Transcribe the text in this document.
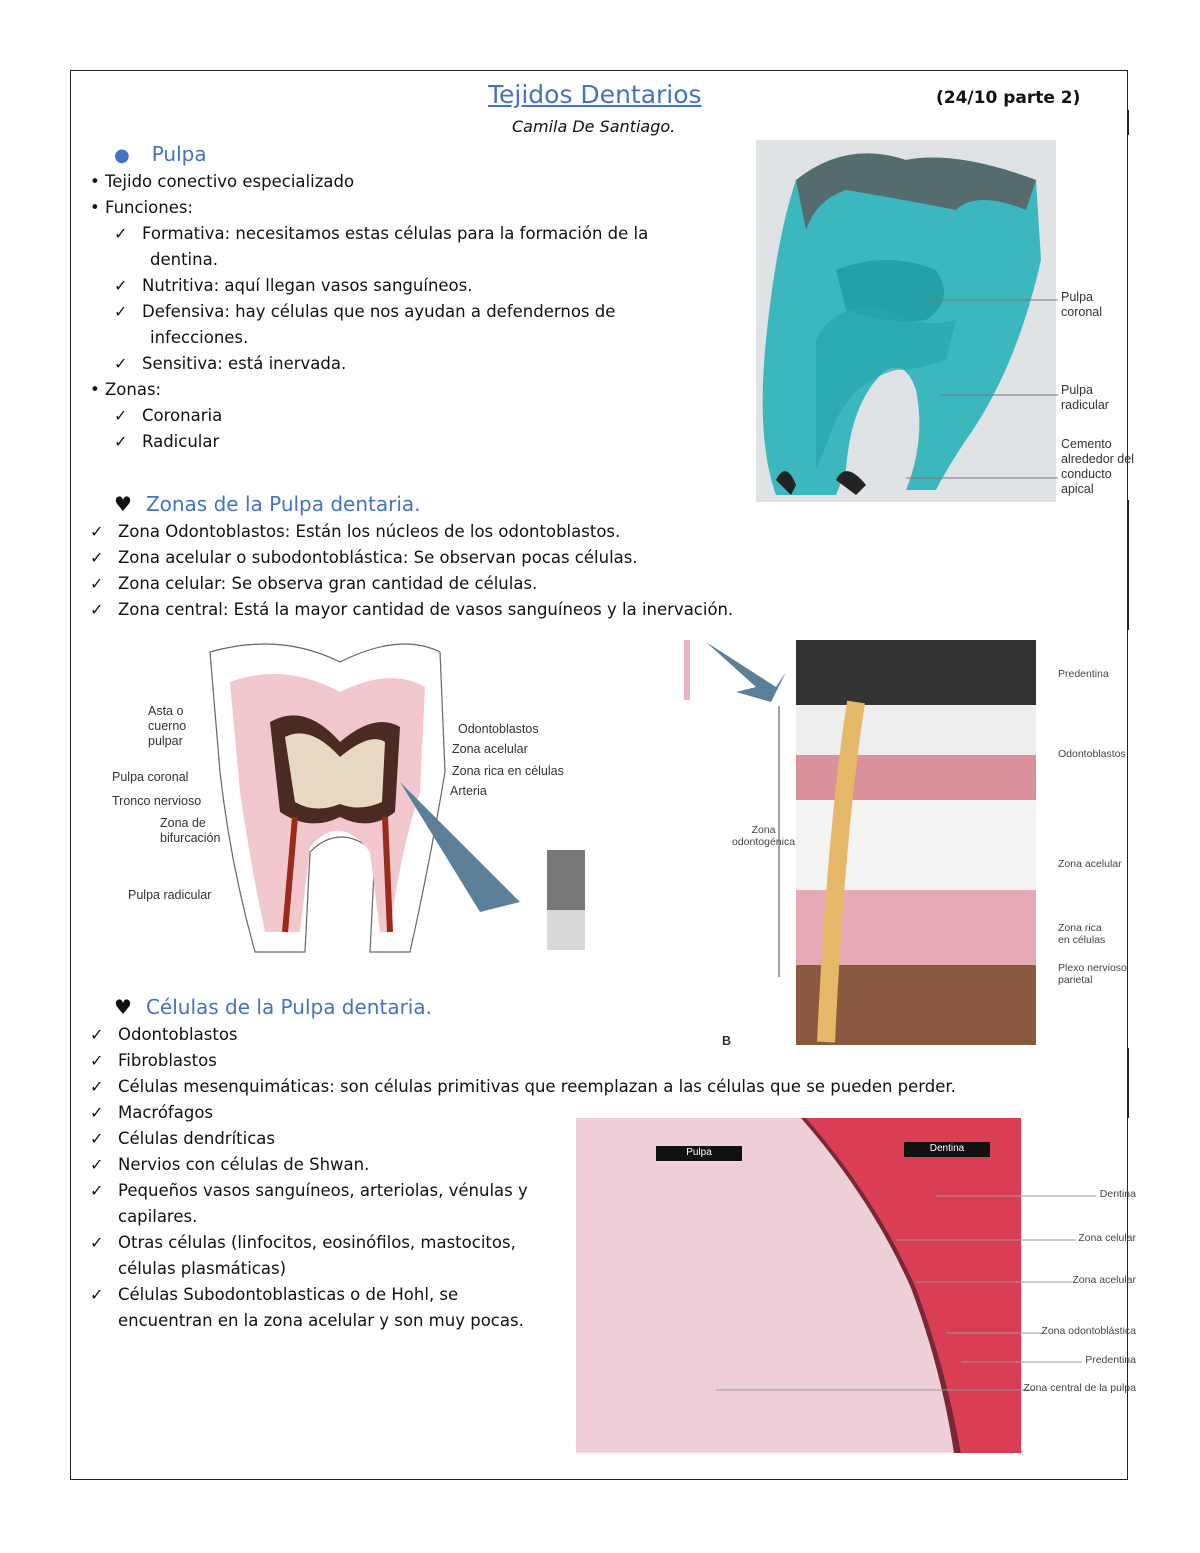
Tejidos Dentarios	(24/10 parte 2)
Camila De Santiago.
● Pulpa
• Tejido conectivo especializado
• Funciones:
✓ Formativa: necesitamos estas células para la formación de la
dentina.
✓ Nutritiva: aquí llegan vasos sanguíneos.
✓ Defensiva: hay células que nos ayudan a defendernos de
infecciones.
✓ Sensitiva: está inervada.
• Zonas:
✓ Coronaria
✓ Radicular
♥ Zonas de la Pulpa dentaria.
✓ Zona Odontoblastos: Están los núcleos de los odontoblastos.
✓ Zona acelular o subodontoblástica: Se observan pocas células.
✓ Zona celular: Se observa gran cantidad de células.
✓ Zona central: Está la mayor cantidad de vasos sanguíneos y la inervación.
♥ Células de la Pulpa dentaria.
✓ Odontoblastos
✓ Fibroblastos
✓ Células mesenquimáticas: son células primitivas que reemplazan a las células que se pueden perder.
✓ Macrófagos
✓ Células dendríticas
✓ Nervios con células de Shwan.
✓ Pequeños vasos sanguíneos, arteriolas, vénulas y
capilares.
✓ Otras células (linfocitos, eosinófilos, mastocitos,
células plasmáticas)
✓ Células Subodontoblasticas o de Hohl, se
encuentran en la zona acelular y son muy pocas.
Pulpa
coronal
Pulpa
radicular
Cemento
alrededor del
conducto
apical
Asta o
cuerno
pulpar
Pulpa coronal
Tronco nervioso
Zona de
bifurcación
Pulpa radicular
Odontoblastos
Zona acelular
Zona rica en células
Arteria
Predentina
Odontoblastos
Zona
odontogénica
Zona acelular
Zona rica
en células
Plexo nervioso
parietal
B
Pulpa	Dentina
Dentina
Zona celular
Zona acelular
Zona odontoblástica
Predentina
Zona central de la pulpa
